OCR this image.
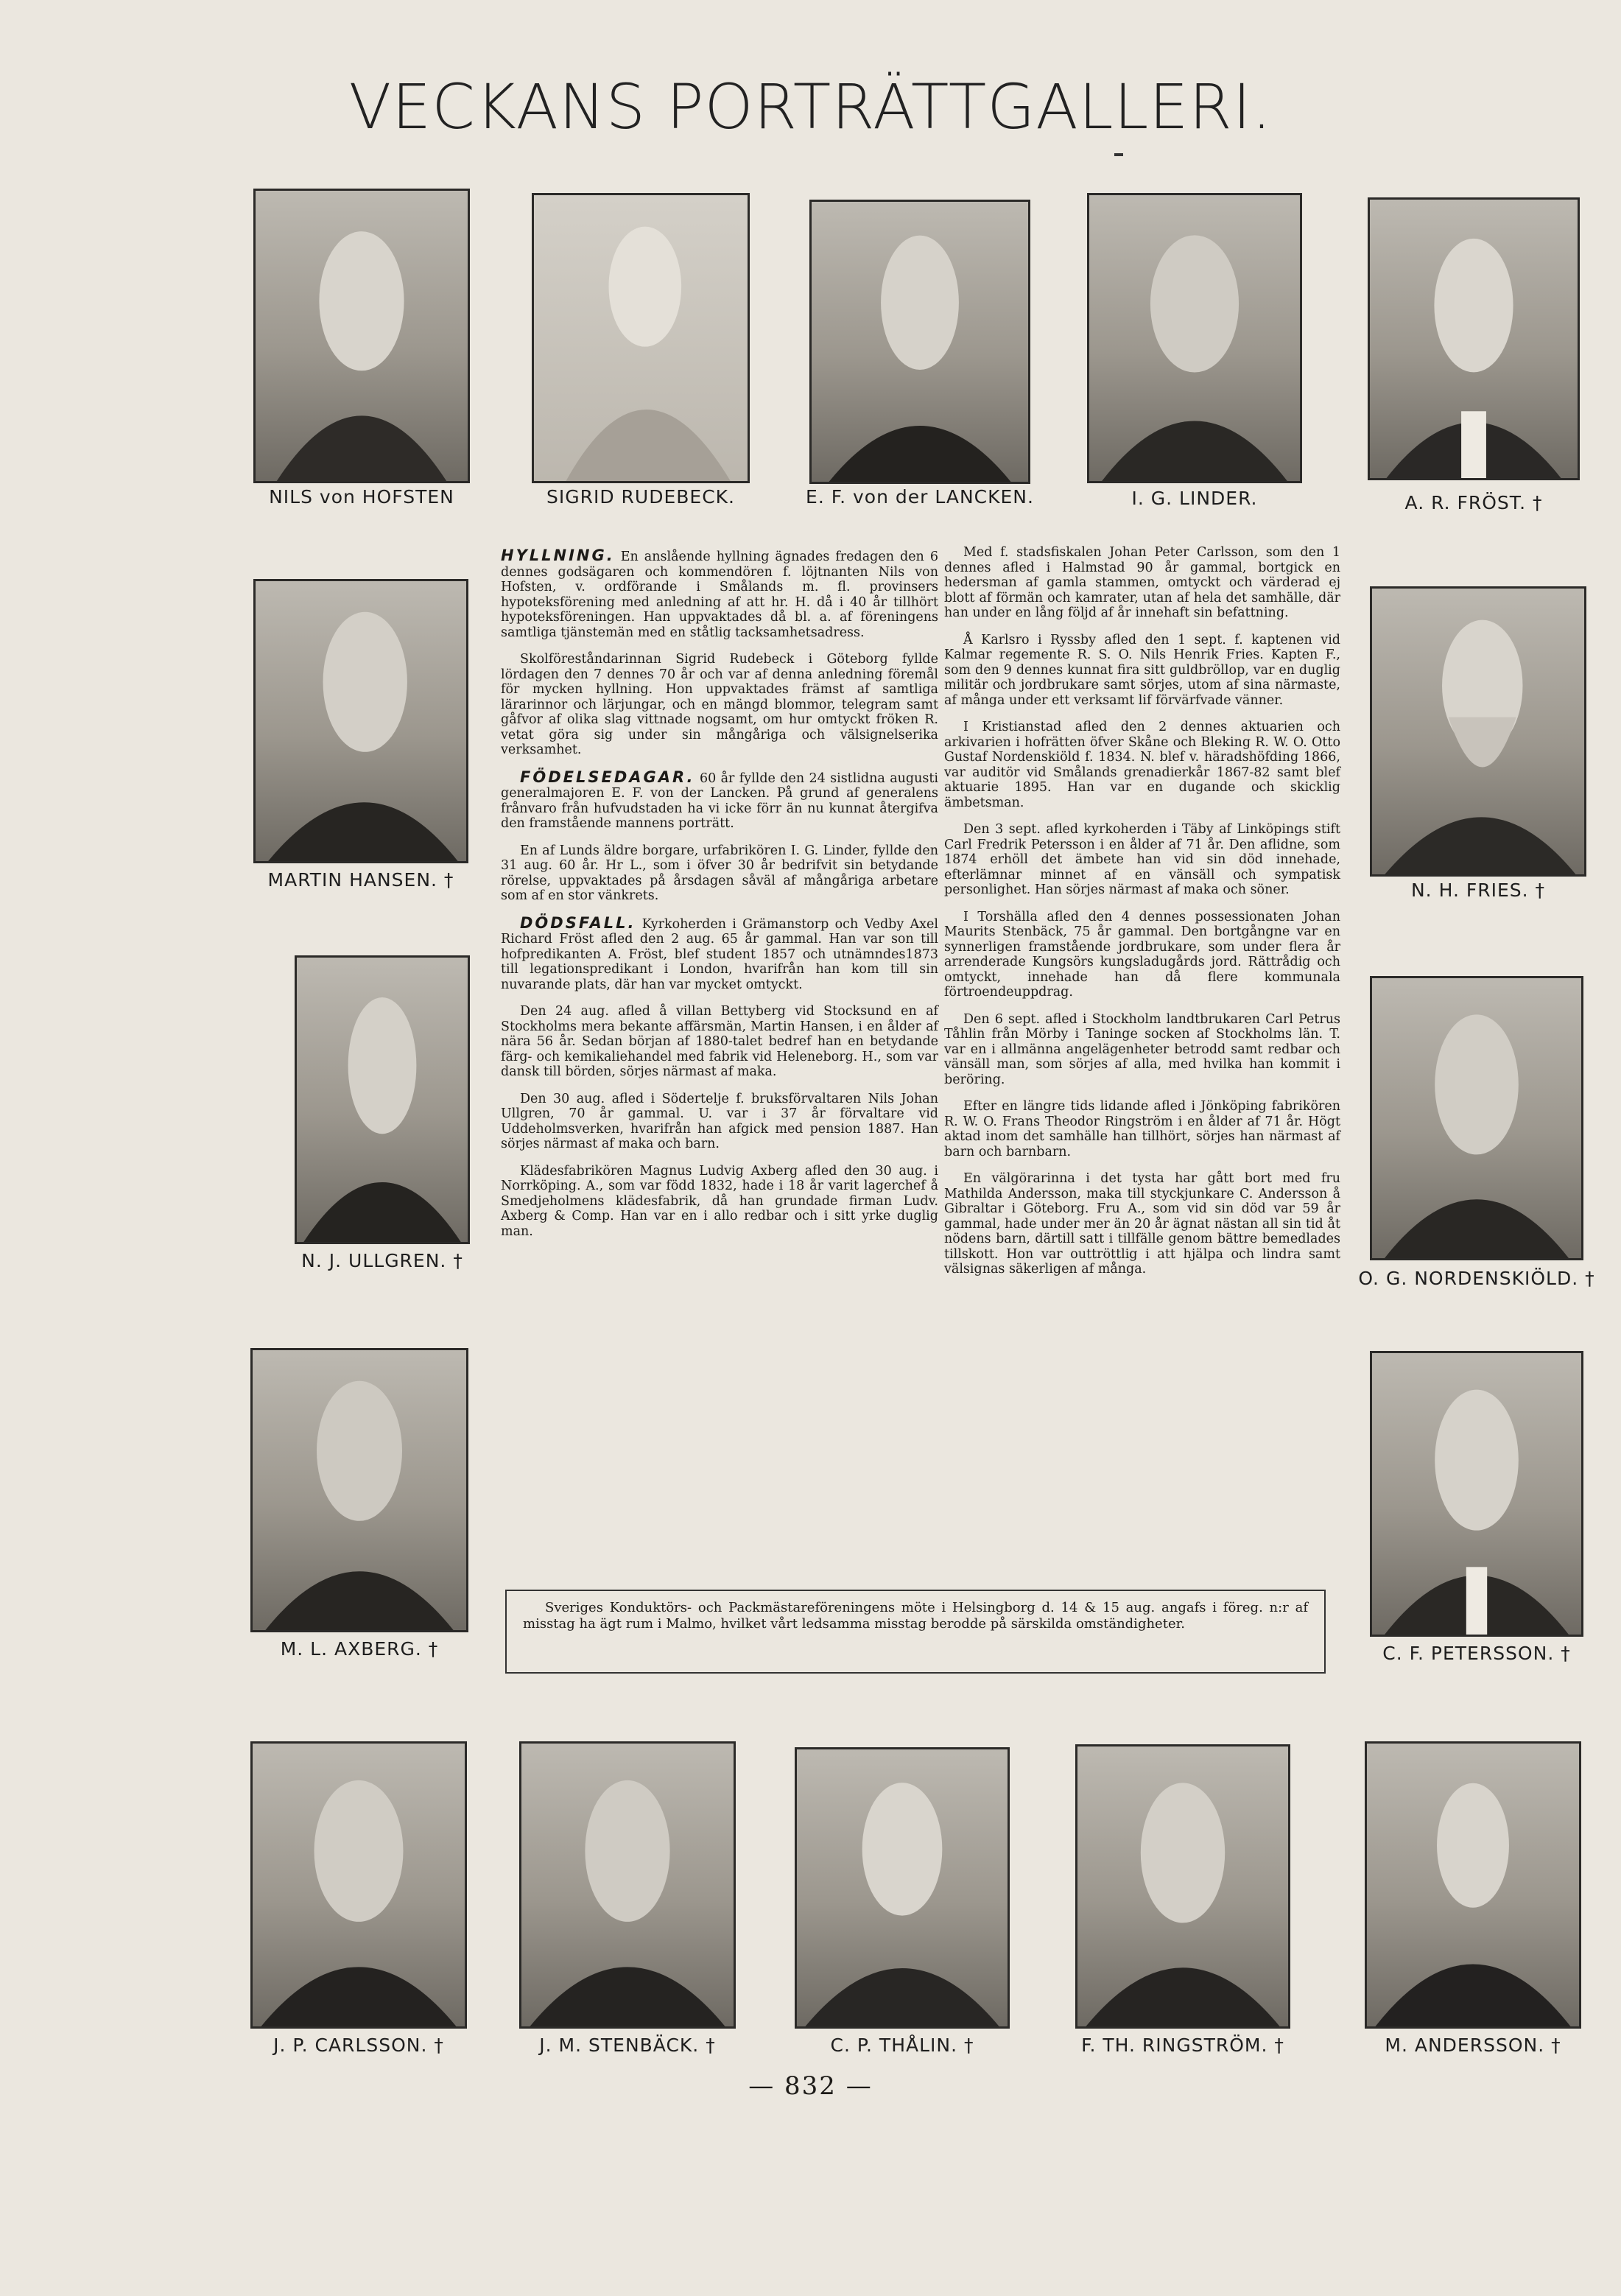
VECKANS PORTRÄTTGALLERI.
NILS von HOFSTEN	SIGRID RUDEBECK.	E. F. von der LANCKEN.	I. G. LINDER.	A. R. FRÖST. †
MARTIN HANSEN. †	N. H. FRIES. †
N. J. ULLGREN. †
O. G. NORDENSKIÖLD. †
M. L. AXBERG. †	C. F. PETERSSON. †
J. P. CARLSSON. †	J. M. STENBÄCK. †	C. P. THÅLIN. †	F. TH. RINGSTRÖM. †	M. ANDERSSON. †

HYLLNING. En anslående hyllning ägnades fredagen den 6 dennes godsägaren och kommendören f. löjtnanten Nils von Hofsten, v. ordförande i Smålands m. fl. provinsers hypoteksförening med anledning af att hr. H. då i 40 år tillhört hypoteksföreningen. Han uppvaktades då bl. a. af föreningens samtliga tjänstemän med en ståtlig tacksamhetsadress.

Skolföreståndarinnan Sigrid Rudebeck i Göteborg fyllde lördagen den 7 dennes 70 år och var af denna anledning föremål för mycken hyllning. Hon uppvaktades främst af samtliga lärarinnor och lärjungar, och en mängd blommor, telegram samt gåfvor af olika slag vittnade nogsamt, om hur omtyckt fröken R. vetat göra sig under sin mångåriga och välsignelserika verksamhet.

FÖDELSEDAGAR. 60 år fyllde den 24 sistlidna augusti generalmajoren E. F. von der Lancken. På grund af generalens frånvaro från hufvudstaden ha vi icke förr än nu kunnat återgifva den framstående mannens porträtt.

En af Lunds äldre borgare, urfabrikören I. G. Linder, fyllde den 31 aug. 60 år. Hr L., som i öfver 30 år bedrifvit sin betydande rörelse, uppvaktades på årsdagen såväl af mångåriga arbetare som af en stor vänkrets.

DÖDSFALL. Kyrkoherden i Grämanstorp och Vedby Axel Richard Fröst afled den 2 aug. 65 år gammal. Han var son till hofpredikanten A. Fröst, blef student 1857 och utnämndes1873 till legationspredikant i London, hvarifrån han kom till sin nuvarande plats, där han var mycket omtyckt.

Den 24 aug. afled å villan Bettyberg vid Stocksund en af Stockholms mera bekante affärsmän, Martin Hansen, i en ålder af nära 56 år. Sedan början af 1880-talet bedref han en betydande färg- och kemikaliehandel med fabrik vid Heleneborg. H., som var dansk till börden, sörjes närmast af maka.

Den 30 aug. afled i Södertelje f. bruksförvaltaren Nils Johan Ullgren, 70 år gammal. U. var i 37 år förvaltare vid Uddeholmsverken, hvarifrån han afgick med pension 1887. Han sörjes närmast af maka och barn.

Klädesfabrikören Magnus Ludvig Axberg afled den 30 aug. i Norrköping. A., som var född 1832, hade i 18 år varit lagerchef å Smedjeholmens klädesfabrik, då han grundade firman Ludv. Axberg & Comp. Han var en i allo redbar och i sitt yrke duglig man.

Med f. stadsfiskalen Johan Peter Carlsson, som den 1 dennes afled i Halmstad 90 år gammal, bortgick en hedersman af gamla stammen, omtyckt och värderad ej blott af förmän och kamrater, utan af hela det samhälle, där han under en lång följd af år innehaft sin befattning.

Å Karlsro i Ryssby afled den 1 sept. f. kaptenen vid Kalmar regemente R. S. O. Nils Henrik Fries. Kapten F., som den 9 dennes kunnat fira sitt guldbröllop, var en duglig militär och jordbrukare samt sörjes, utom af sina närmaste, af många under ett verksamt lif förvärfvade vänner.

I Kristianstad afled den 2 dennes aktuarien och arkivarien i hofrätten öfver Skåne och Bleking R. W. O. Otto Gustaf Nordenskiöld f. 1834. N. blef v. häradshöfding 1866, var auditör vid Smålands grenadierkår 1867-82 samt blef aktuarie 1895. Han var en dugande och skicklig ämbetsman.

Den 3 sept. afled kyrkoherden i Täby af Linköpings stift Carl Fredrik Petersson i en ålder af 71 år. Den aflidne, som 1874 erhöll det ämbete han vid sin död innehade, efterlämnar minnet af en vänsäll och sympatisk personlighet. Han sörjes närmast af maka och söner.

I Torshälla afled den 4 dennes possessionaten Johan Maurits Stenbäck, 75 år gammal. Den bortgångne var en synnerligen framstående jordbrukare, som under flera år arrenderade Kungsörs kungsladugårds jord. Rättrådig och omtyckt, innehade han då flere kommunala förtroendeuppdrag.

Den 6 sept. afled i Stockholm landtbrukaren Carl Petrus Tåhlin från Mörby i Taninge socken af Stockholms län. T. var en i allmänna angelägenheter betrodd samt redbar och vänsäll man, som sörjes af alla, med hvilka han kommit i beröring.

Efter en längre tids lidande afled i Jönköping fabrikören R. W. O. Frans Theodor Ringström i en ålder af 71 år. Högt aktad inom det samhälle han tillhört, sörjes han närmast af barn och barnbarn.

En välgörarinna i det tysta har gått bort med fru Mathilda Andersson, maka till styckjunkare C. Andersson å Gibraltar i Göteborg. Fru A., som vid sin död var 59 år gammal, hade under mer än 20 år ägnat nästan all sin tid åt nödens barn, därtill satt i tillfälle genom bättre bemedlades tillskott. Hon var outtröttlig i att hjälpa och lindra samt välsignas säkerligen af många.

Sveriges Konduktörs- och Packmästareföreningens möte i Helsingborg d. 14 & 15 aug. angafs i föreg. n:r af misstag ha ägt rum i Malmo, hvilket vårt ledsamma misstag berodde på särskilda omständigheter.
— 832 —
